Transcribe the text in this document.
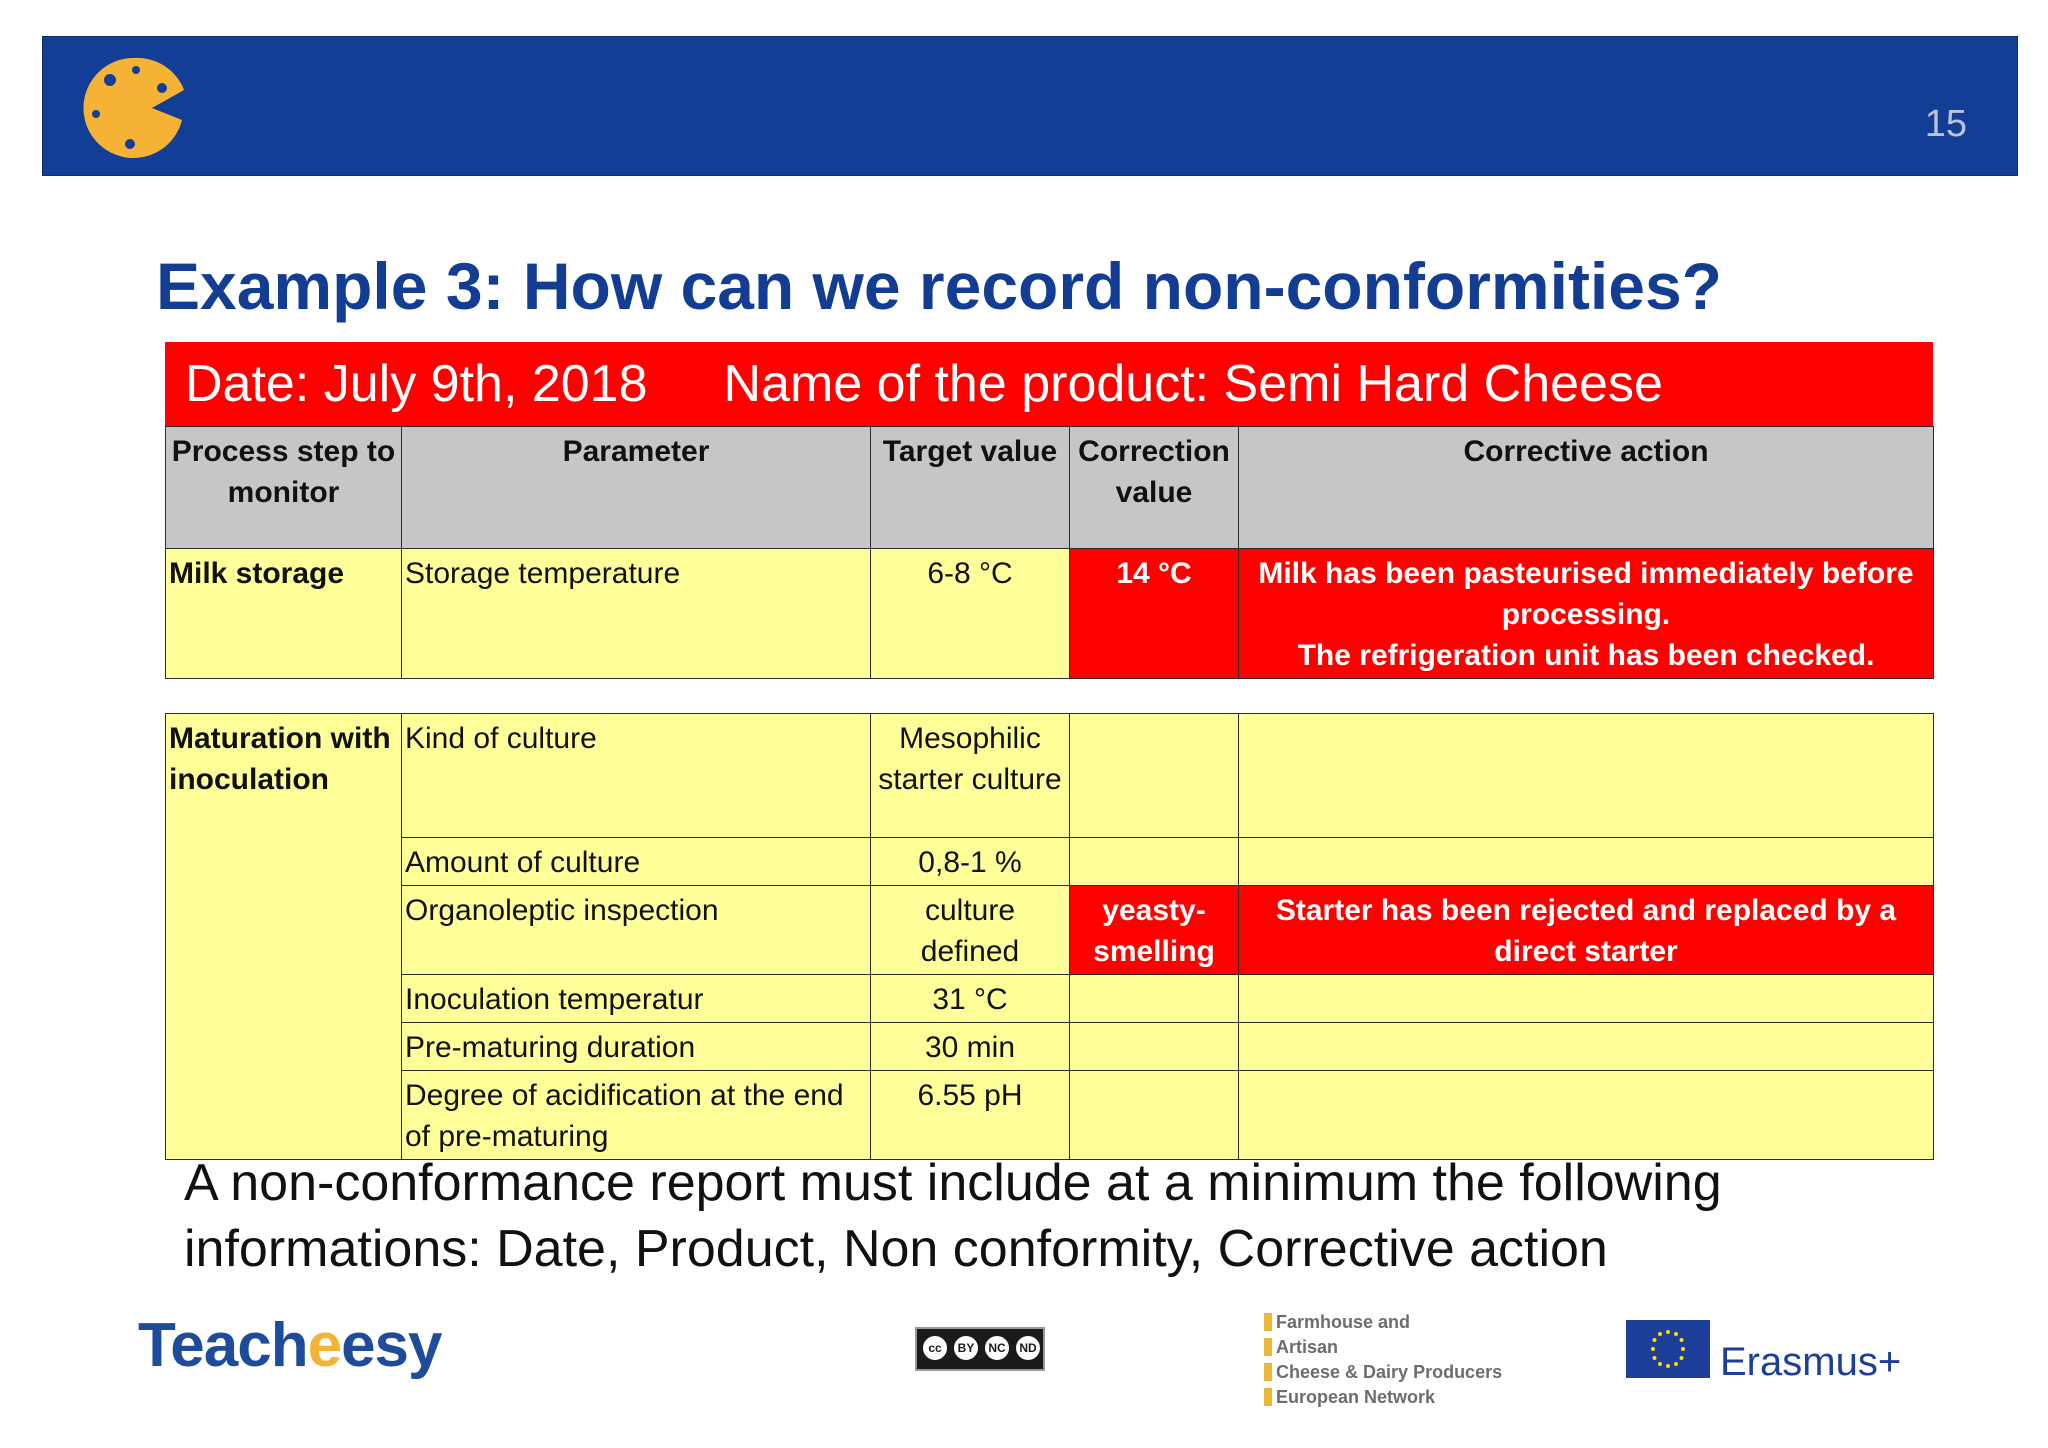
15
Example 3: How can we record non-conformities?
Date: July 9th, 2018 Name of the product: Semi Hard Cheese
Process step to monitor	Parameter	Target value	Correction value	Corrective action
Milk storage	Storage temperature	6-8 °C	14 °C	Milk has been pasteurised immediately before processing.
The refrigeration unit has been checked.
Maturation with inoculation	Kind of culture	Mesophilic starter culture		
	Amount of culture	0,8-1 %		
	Organoleptic inspection	culture defined	yeasty-smelling	Starter has been rejected and replaced by a direct starter
	Inoculation temperatur	31 °C		
	Pre-maturing duration	30 min		
	Degree of acidification at the end of pre-maturing	6.55 pH		

A non-conformance report must include at a minimum the following informations: Date, Product, Non conformity, Corrective action

Teacheesy	cc	BY	NC	ND
Farmhouse and
Artisan
Cheese & Dairy Producers
European Network
Erasmus+
